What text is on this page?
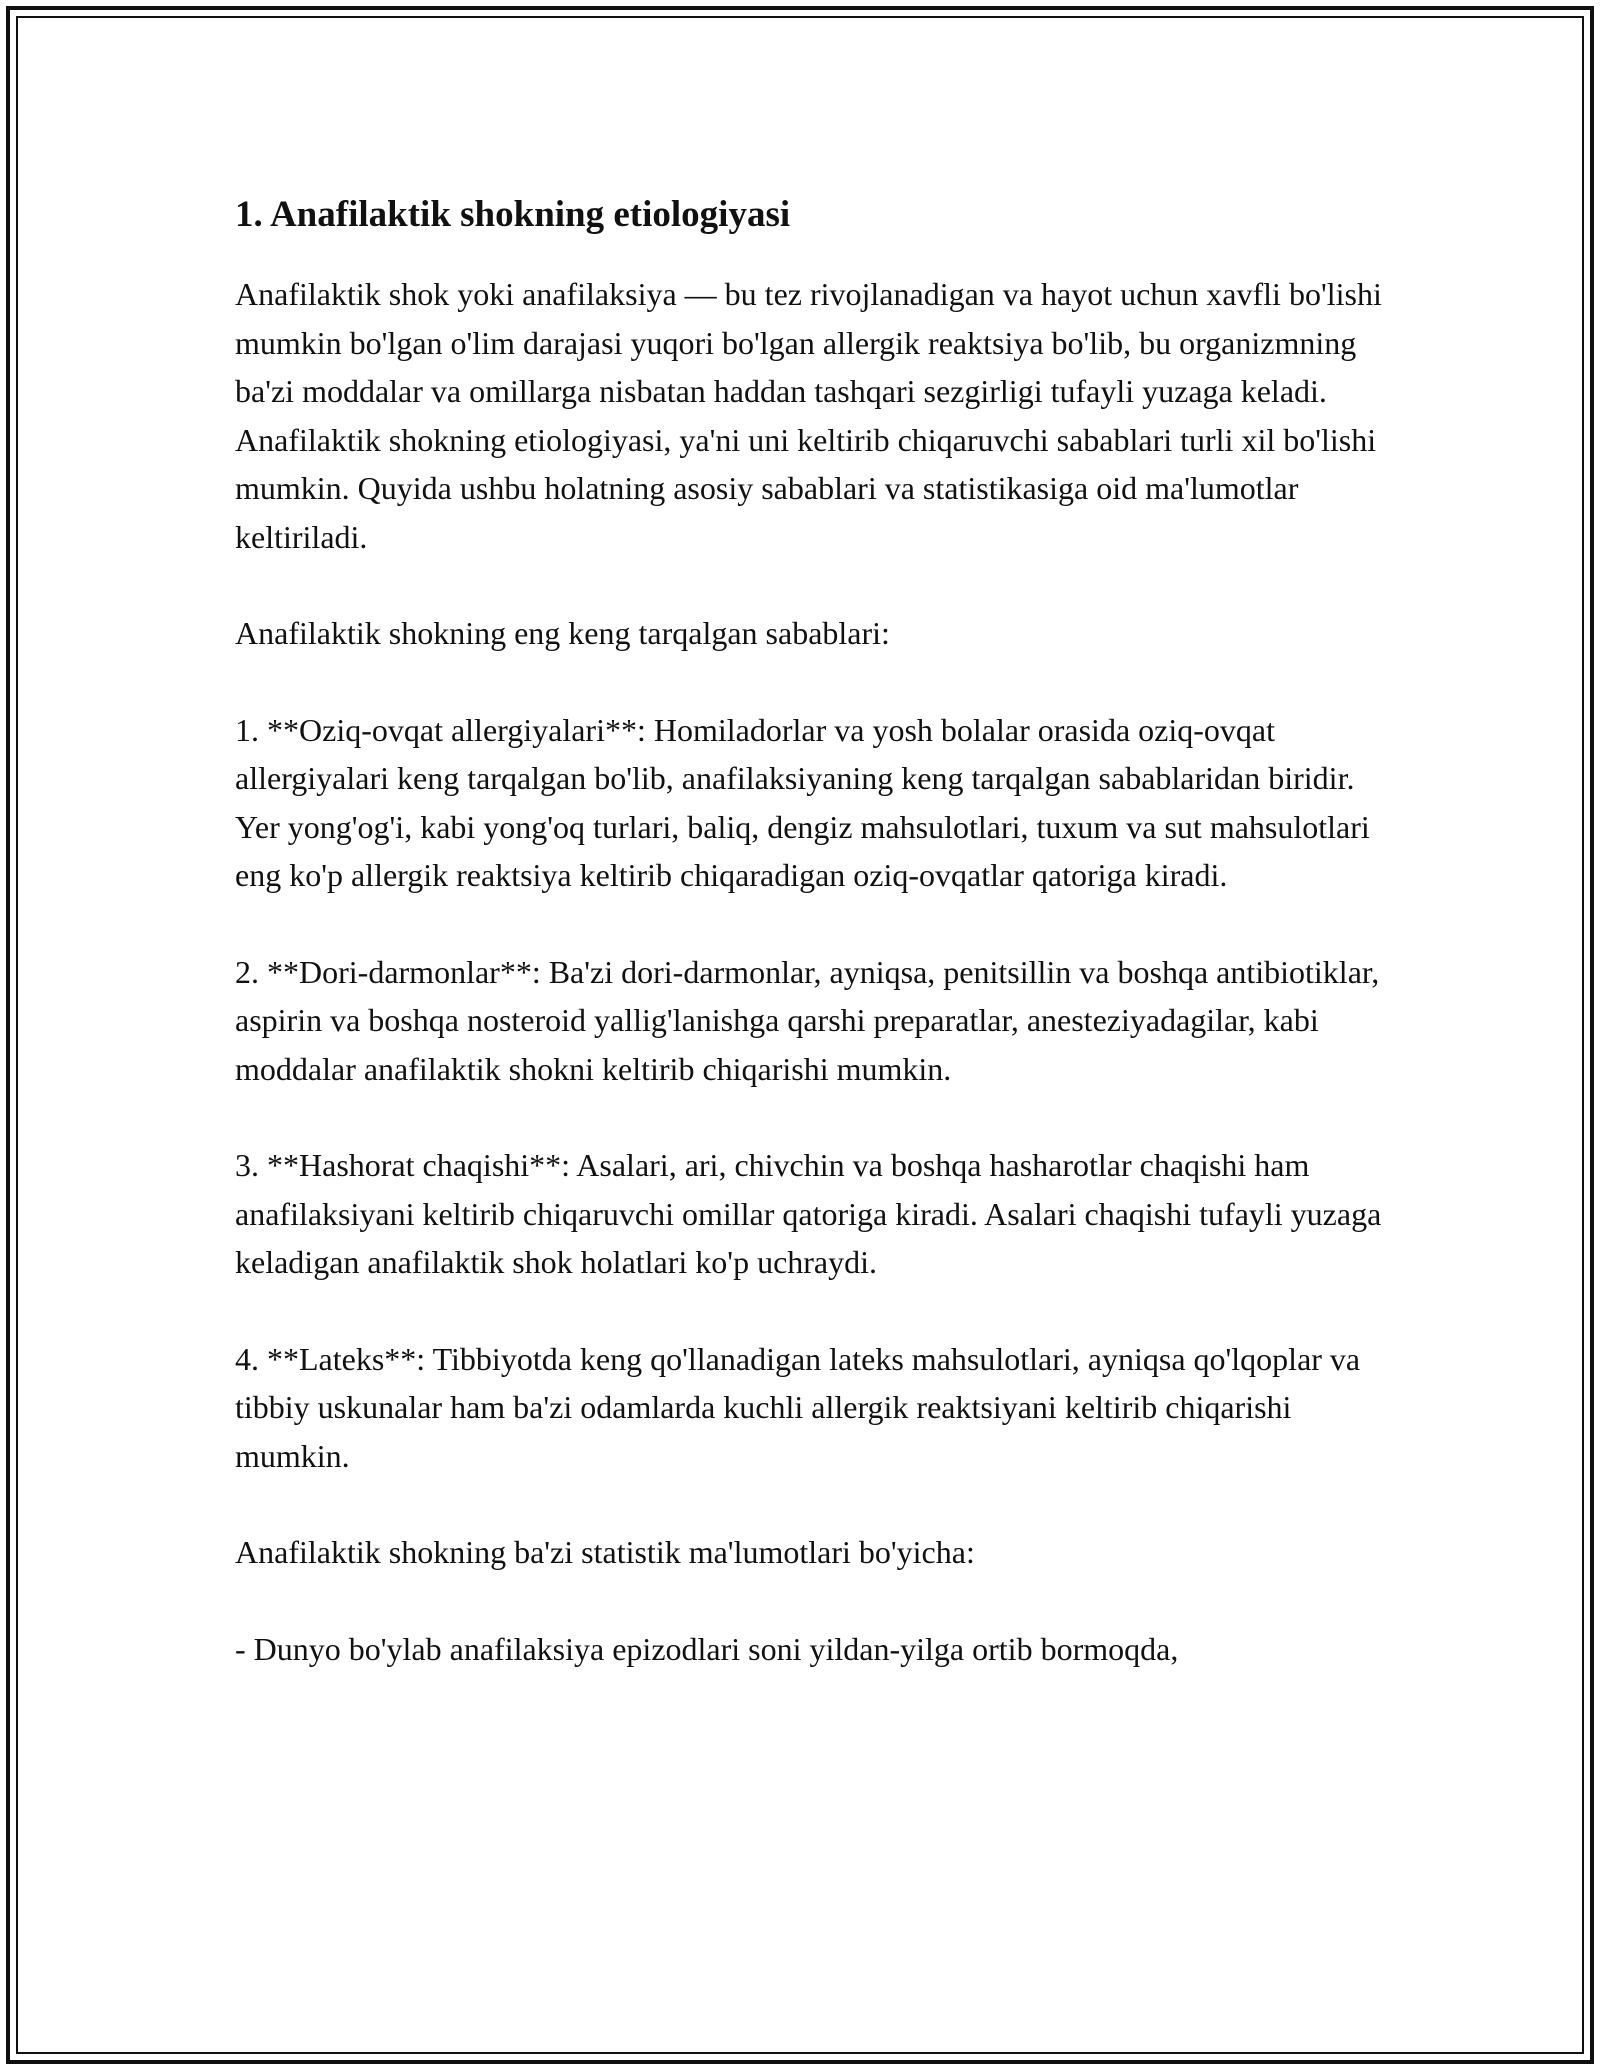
1. Anafilaktik shokning etiologiyasi

Anafilaktik shok yoki anafilaksiya — bu tez rivojlanadigan va hayot uchun xavfli bo'lishi mumkin bo'lgan o'lim darajasi yuqori bo'lgan allergik reaktsiya bo'lib, bu organizmning ba'zi moddalar va omillarga nisbatan haddan tashqari sezgirligi tufayli yuzaga keladi. Anafilaktik shokning etiologiyasi, ya'ni uni keltirib chiqaruvchi sabablari turli xil bo'lishi mumkin. Quyida ushbu holatning asosiy sabablari va statistikasiga oid ma'lumotlar keltiriladi.

Anafilaktik shokning eng keng tarqalgan sabablari:

1. **Oziq-ovqat allergiyalari**: Homiladorlar va yosh bolalar orasida oziq-ovqat allergiyalari keng tarqalgan bo'lib, anafilaksiyaning keng tarqalgan sabablaridan biridir. Yer yong'og'i, kabi yong'oq turlari, baliq, dengiz mahsulotlari, tuxum va sut mahsulotlari eng ko'p allergik reaktsiya keltirib chiqaradigan oziq-ovqatlar qatoriga kiradi.

2. **Dori-darmonlar**: Ba'zi dori-darmonlar, ayniqsa, penitsillin va boshqa antibiotiklar, aspirin va boshqa nosteroid yallig'lanishga qarshi preparatlar, anesteziyadagilar, kabi moddalar anafilaktik shokni keltirib chiqarishi mumkin.

3. **Hashorat chaqishi**: Asalari, ari, chivchin va boshqa hasharotlar chaqishi ham anafilaksiyani keltirib chiqaruvchi omillar qatoriga kiradi. Asalari chaqishi tufayli yuzaga keladigan anafilaktik shok holatlari ko'p uchraydi.

4. **Lateks**: Tibbiyotda keng qo'llanadigan lateks mahsulotlari, ayniqsa qo'lqoplar va tibbiy uskunalar ham ba'zi odamlarda kuchli allergik reaktsiyani keltirib chiqarishi mumkin.

Anafilaktik shokning ba'zi statistik ma'lumotlari bo'yicha:

- Dunyo bo'ylab anafilaksiya epizodlari soni yildan-yilga ortib bormoqda,
